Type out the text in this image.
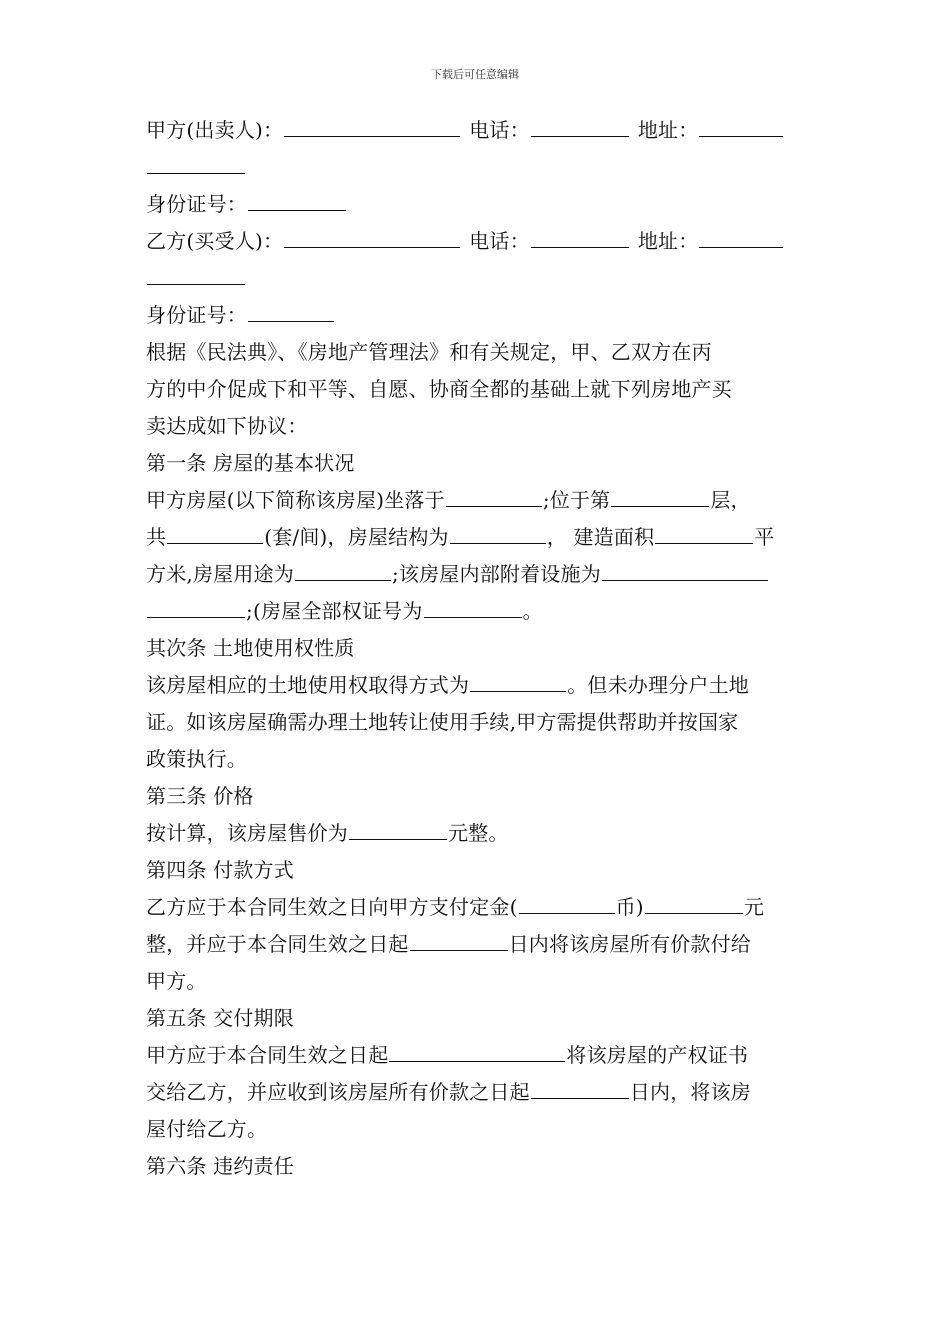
下载后可任意编辑
甲方(出卖人)：	电话：	地址：
身份证号：
乙方(买受人)：	电话：	地址：
身份证号：
根据《民法典》、《房地产管理法》和有关规定，甲、乙双方在丙
方的中介促成下和平等、自愿、协商全都的基础上就下列房地产买
卖达成如下协议：
第一条 房屋的基本状况
甲方房屋(以下简称该房屋)坐落于	;位于第	层，
共	(套/间)，房屋结构为	， 建造面积	平
方米,房屋用途为	;该房屋内部附着设施为
;(房屋全部权证号为	。
其次条 土地使用权性质
该房屋相应的土地使用权取得方式为	。但未办理分户土地
证。如该房屋确需办理土地转让使用手续,甲方需提供帮助并按国家
政策执行。
第三条 价格
按计算，该房屋售价为	元整。
第四条 付款方式
乙方应于本合同生效之日向甲方支付定金(	币)	元
整，并应于本合同生效之日起	日内将该房屋所有价款付给
甲方。
第五条 交付期限
甲方应于本合同生效之日起	将该房屋的产权证书
交给乙方，并应收到该房屋所有价款之日起	日内，将该房
屋付给乙方。
第六条 违约责任
